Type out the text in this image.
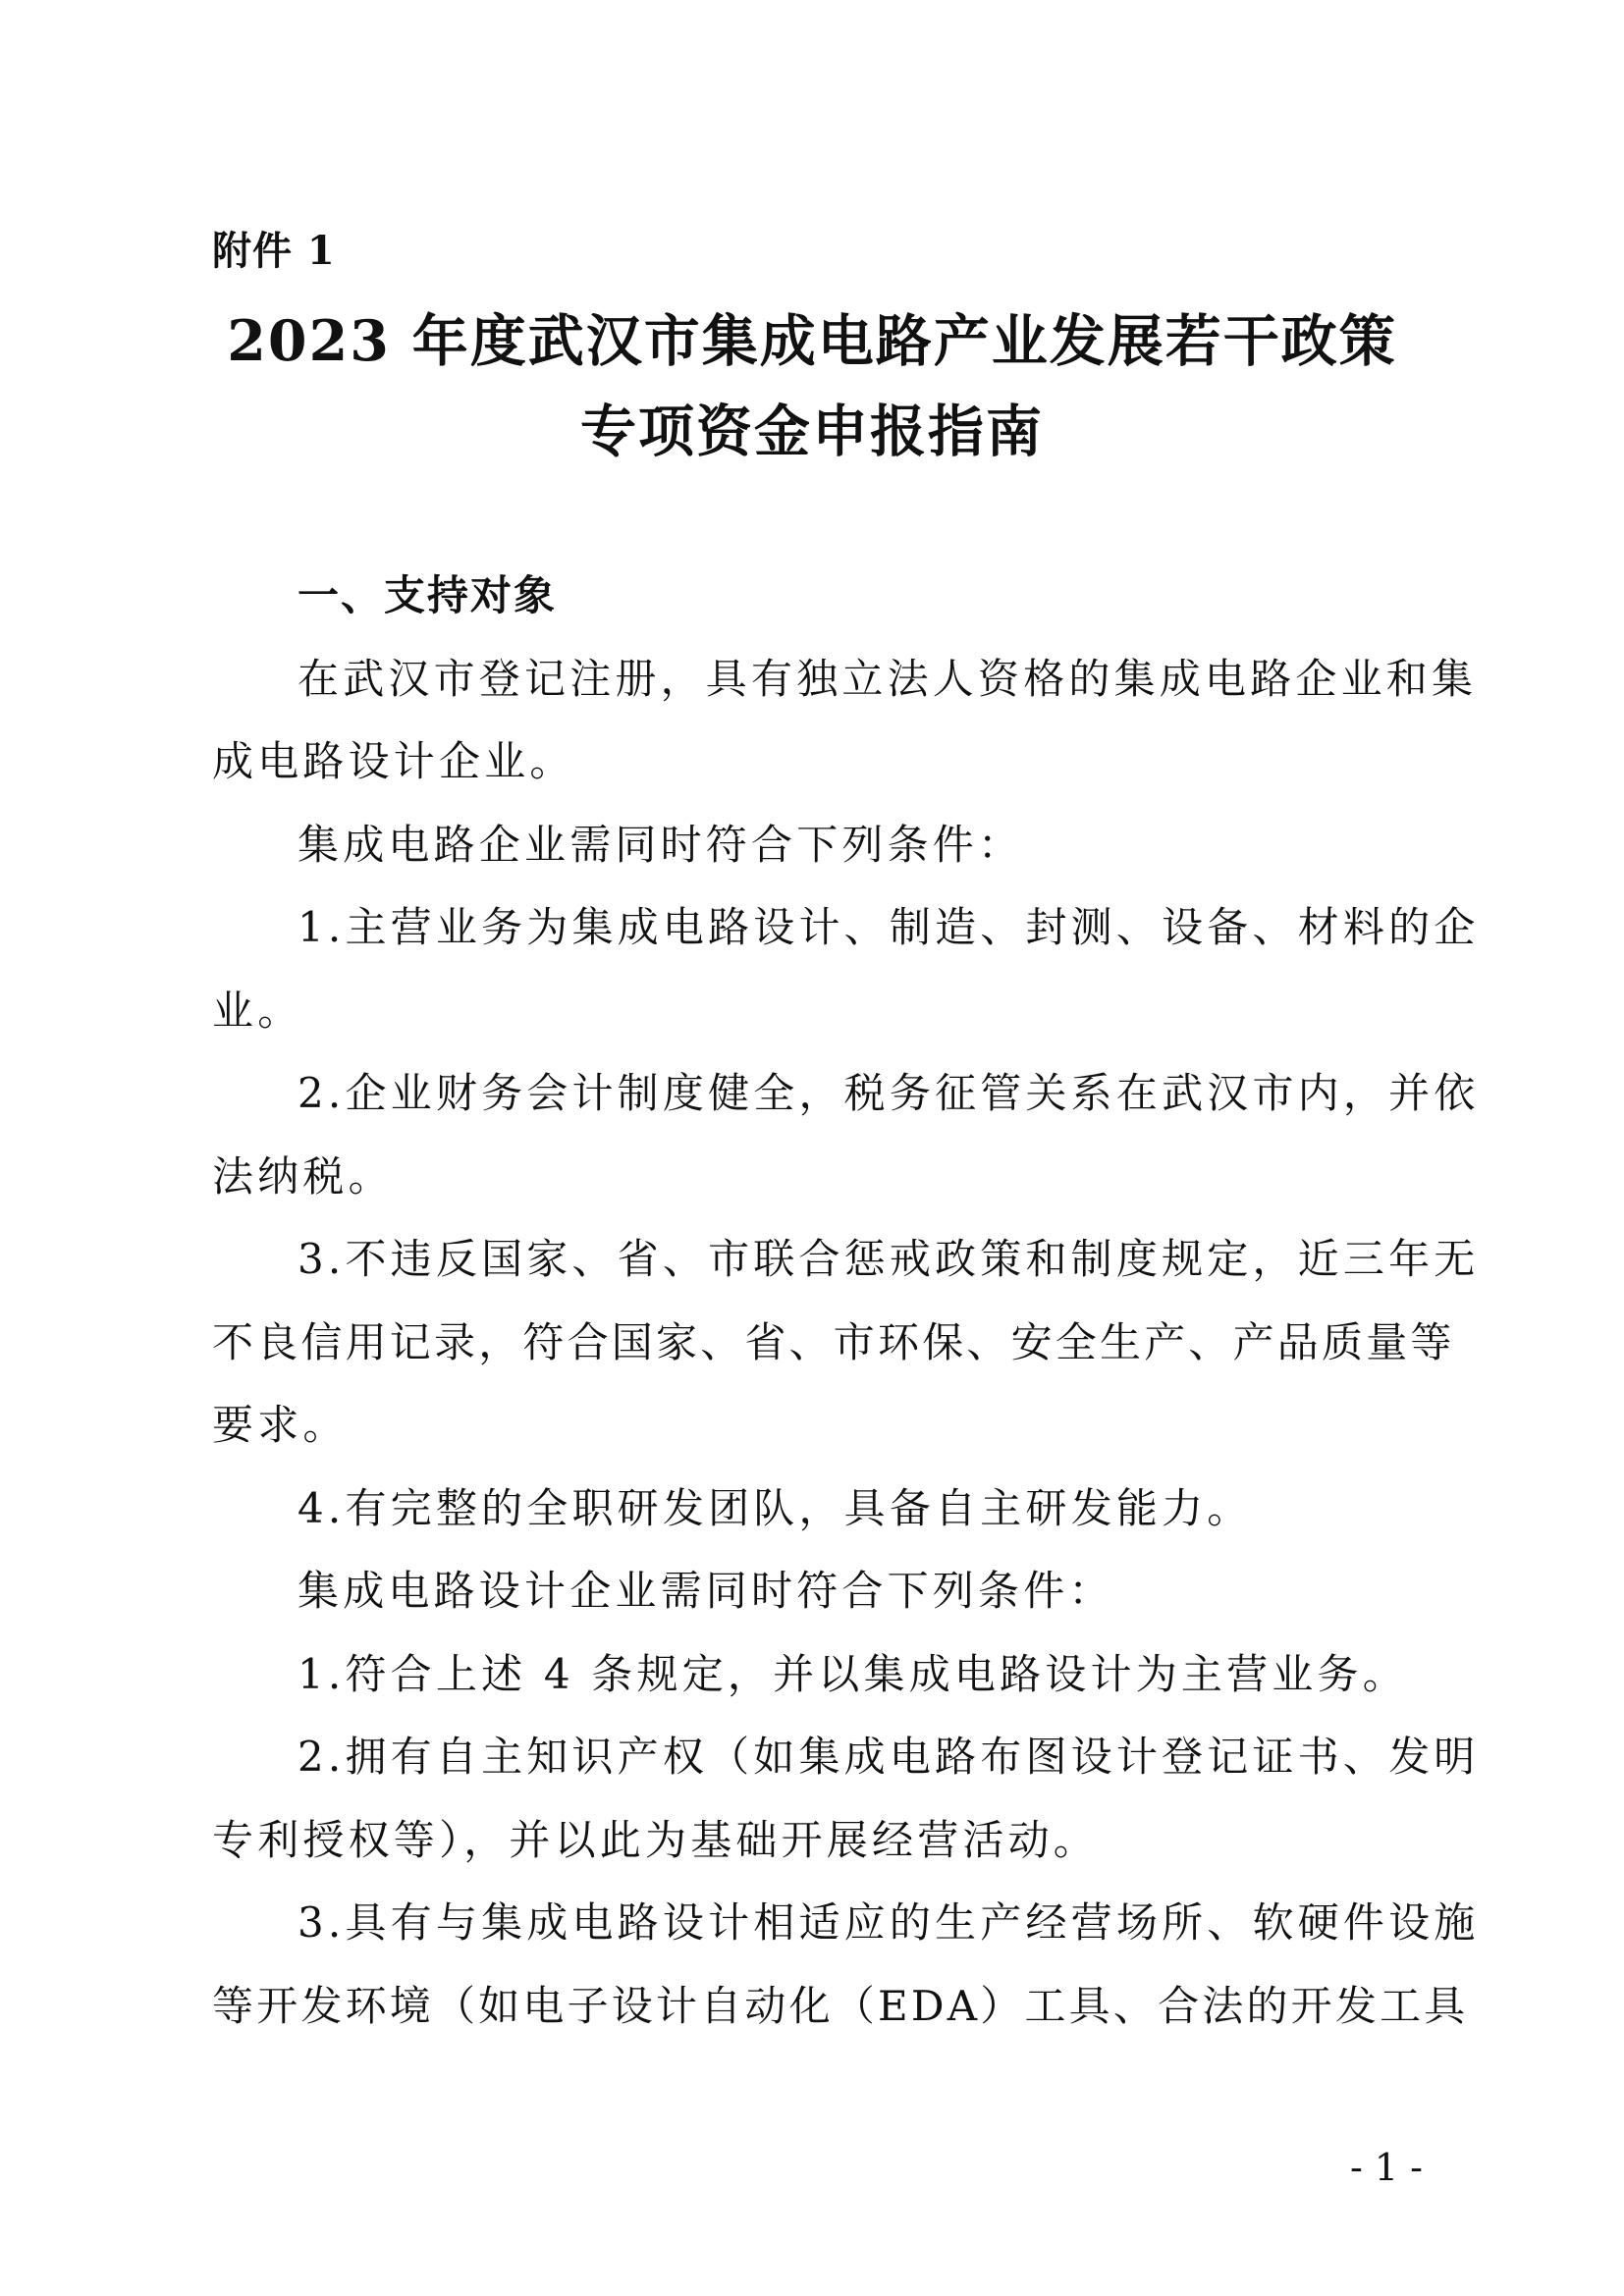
附件 1
2023 年度武汉市集成电路产业发展若干政策
专项资金申报指南
一、支持对象
在武汉市登记注册，具有独立法人资格的集成电路企业和集
成电路设计企业。
集成电路企业需同时符合下列条件：
1.主营业务为集成电路设计、制造、封测、设备、材料的企
业。
2.企业财务会计制度健全，税务征管关系在武汉市内，并依
法纳税。
3.不违反国家、省、市联合惩戒政策和制度规定，近三年无
不良信用记录，符合国家、省、市环保、安全生产、产品质量等
要求。
4.有完整的全职研发团队，具备自主研发能力。
集成电路设计企业需同时符合下列条件：
1.符合上述 4 条规定，并以集成电路设计为主营业务。
2.拥有自主知识产权（如集成电路布图设计登记证书、发明
专利授权等），并以此为基础开展经营活动。
3.具有与集成电路设计相适应的生产经营场所、软硬件设施
等开发环境（如电子设计自动化（EDA）工具、合法的开发工具
- 1 -
